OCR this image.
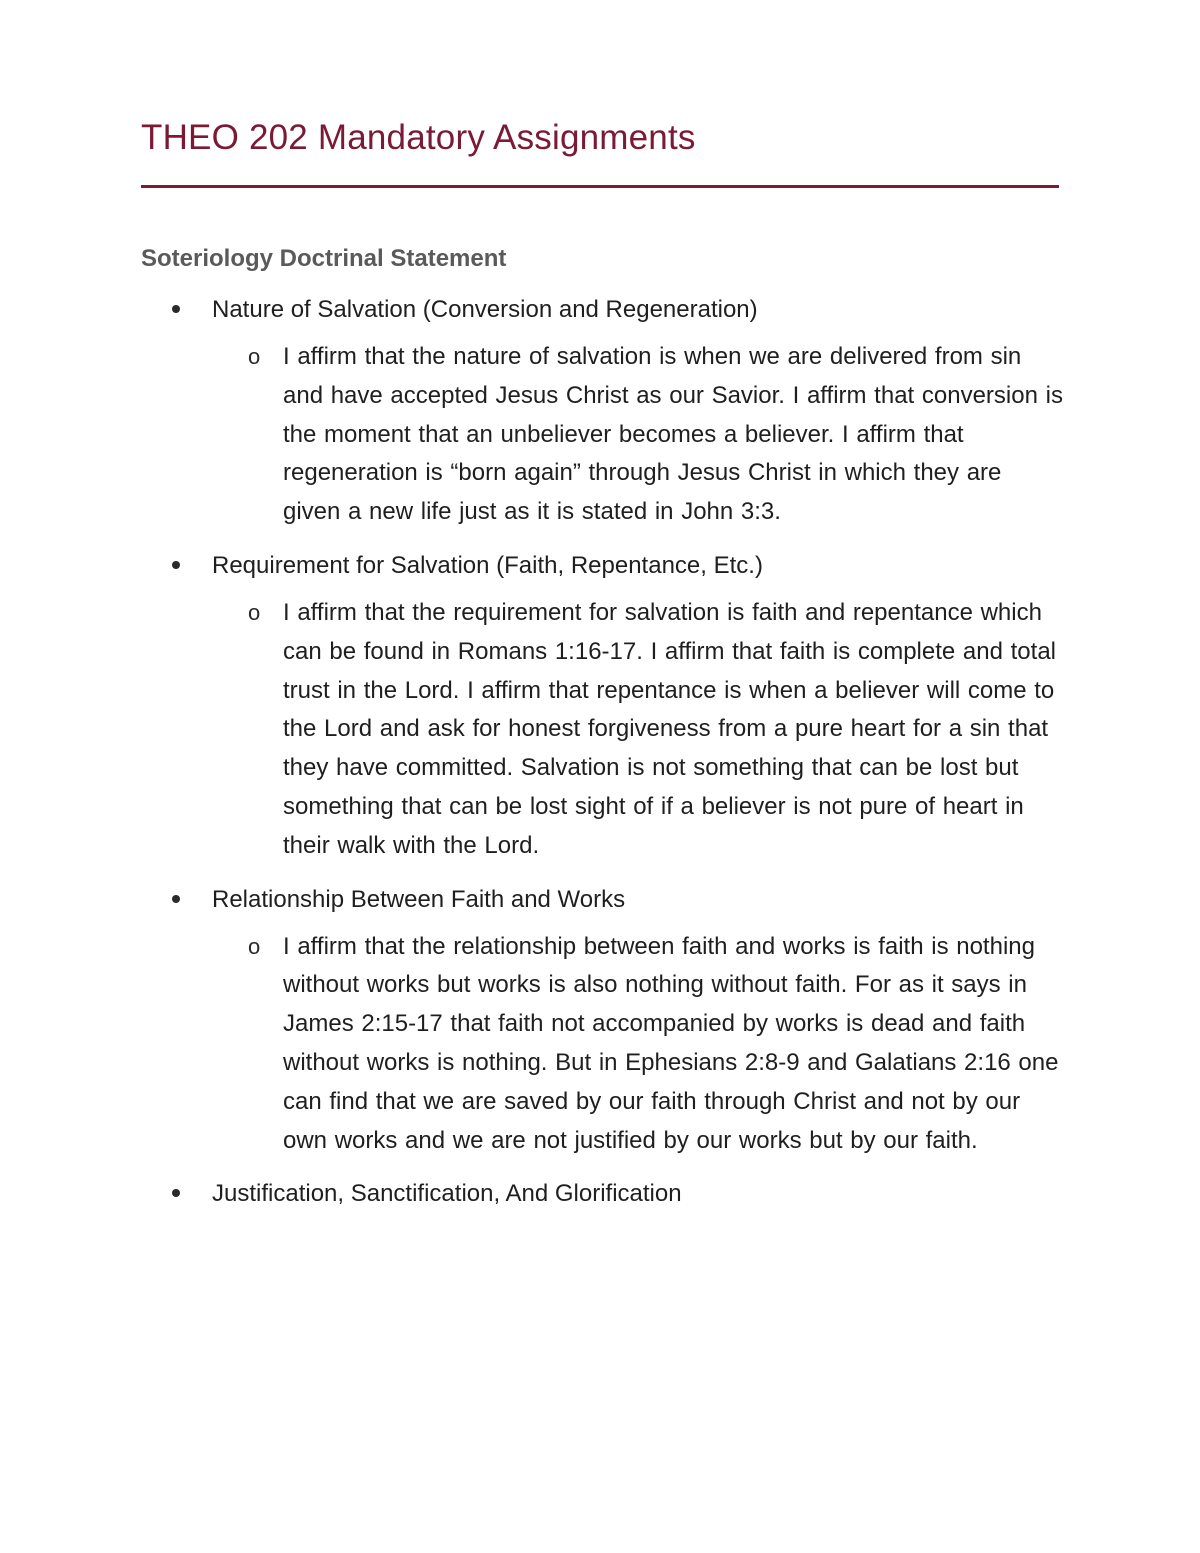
THEO 202 Mandatory Assignments
Soteriology Doctrinal Statement
Nature of Salvation (Conversion and Regeneration)
o I affirm that the nature of salvation is when we are delivered from sin and have accepted Jesus Christ as our Savior. I affirm that conversion is the moment that an unbeliever becomes a believer. I affirm that regeneration is “born again” through Jesus Christ in which they are given a new life just as it is stated in John 3:3.

Requirement for Salvation (Faith, Repentance, Etc.)
o I affirm that the requirement for salvation is faith and repentance which can be found in Romans 1:16-17. I affirm that faith is complete and total trust in the Lord. I affirm that repentance is when a believer will come to the Lord and ask for honest forgiveness from a pure heart for a sin that they have committed. Salvation is not something that can be lost but something that can be lost sight of if a believer is not pure of heart in their walk with the Lord.

Relationship Between Faith and Works
o I affirm that the relationship between faith and works is faith is nothing without works but works is also nothing without faith. For as it says in James 2:15-17 that faith not accompanied by works is dead and faith without works is nothing. But in Ephesians 2:8-9 and Galatians 2:16 one can find that we are saved by our faith through Christ and not by our own works and we are not justified by our works but by our faith.

Justification, Sanctification, And Glorification
